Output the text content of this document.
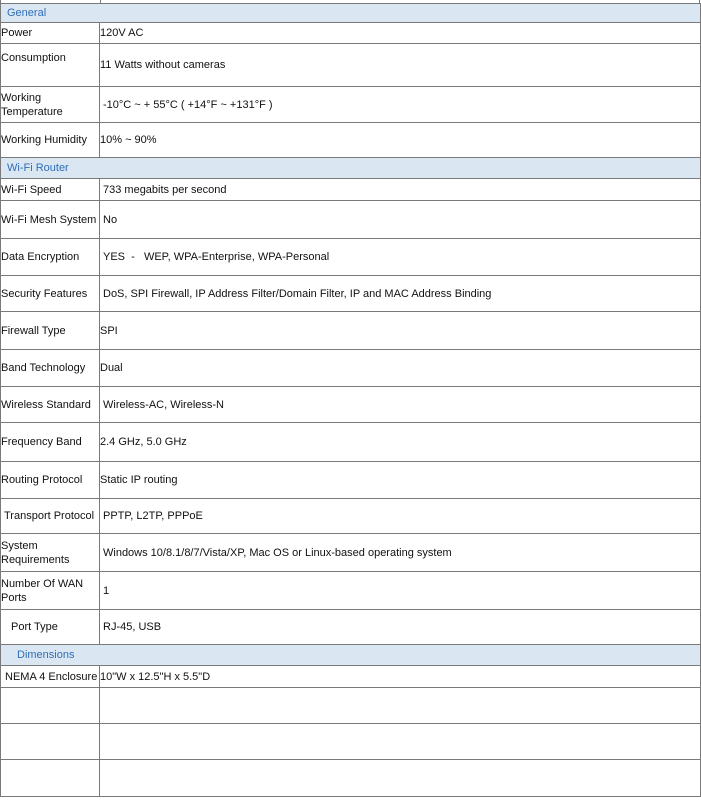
General	
Power	120V AC
Consumption	11 Watts without cameras
Working Temperature	-10°C ~ + 55°C ( +14°F ~ +131°F )
Working Humidity	10% ~ 90%
Wi-Fi Router	
Wi-Fi Speed	733 megabits per second
Wi-Fi Mesh System	No
Data Encryption	YES  -   WEP, WPA-Enterprise, WPA-Personal
Security Features	DoS, SPI Firewall, IP Address Filter/Domain Filter, IP and MAC Address Binding
Firewall Type	SPI
Band Technology	Dual
Wireless Standard	Wireless-AC, Wireless-N
Frequency Band	2.4 GHz, 5.0 GHz
Routing Protocol	Static IP routing
Transport Protocol	PPTP, L2TP, PPPoE
System Requirements	Windows 10/8.1/8/7/Vista/XP, Mac OS or Linux-based operating system
Number Of WAN Ports	1
Port Type	RJ-45, USB
Dimensions	
NEMA 4 Enclosure	10"W x 12.5"H x 5.5"D
